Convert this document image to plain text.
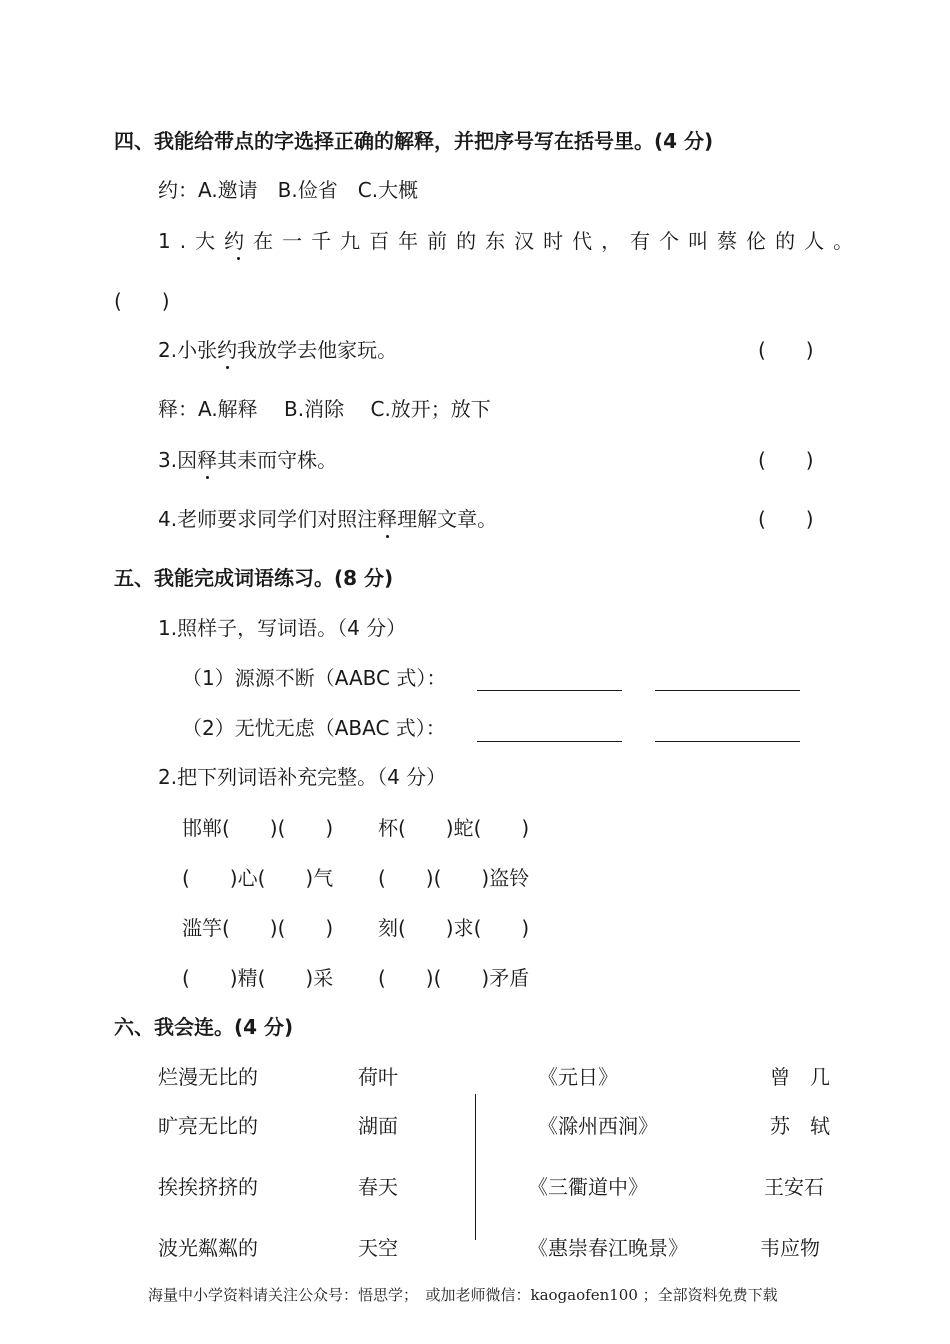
四、我能给带点的字选择正确的解释，并把序号写在括号里。(4 分)
约：A.邀请　B.俭省　C.大概
1.大约在一千九百年前的东汉时代，有个叫蔡伦的人。
(　　)
2.小张约我放学去他家玩。	(　　)
释：A.解释　 B.消除　 C.放开；放下
3.因释其耒而守株。	(　　)
4.老师要求同学们对照注释理解文章。	(　　)
五、我能完成词语练习。(8 分)
1.照样子，写词语。（4 分）
（1）源源不断（AABC 式）：
（2）无忧无虑（ABAC 式）：
2.把下列词语补充完整。（4 分）
邯郸(　　)(　　) 杯(　　)蛇(　　)
(　　)心(　　)气 (　　)(　　)盗铃
滥竽(　　)(　　) 刻(　　)求(　　)
(　　)精(　　)采 (　　)(　　)矛盾
六、我会连。(4 分)
烂漫无比的	荷叶	《元日》	曾　几
旷亮无比的	湖面	《滁州西涧》	苏　轼
挨挨挤挤的	春天	《三衢道中》	王安石
波光粼粼的	天空	《惠崇春江晚景》	韦应物
海量中小学资料请关注公众号：悟思学；　或加老师微信：kaogaofen100 ；全部资料免费下载
